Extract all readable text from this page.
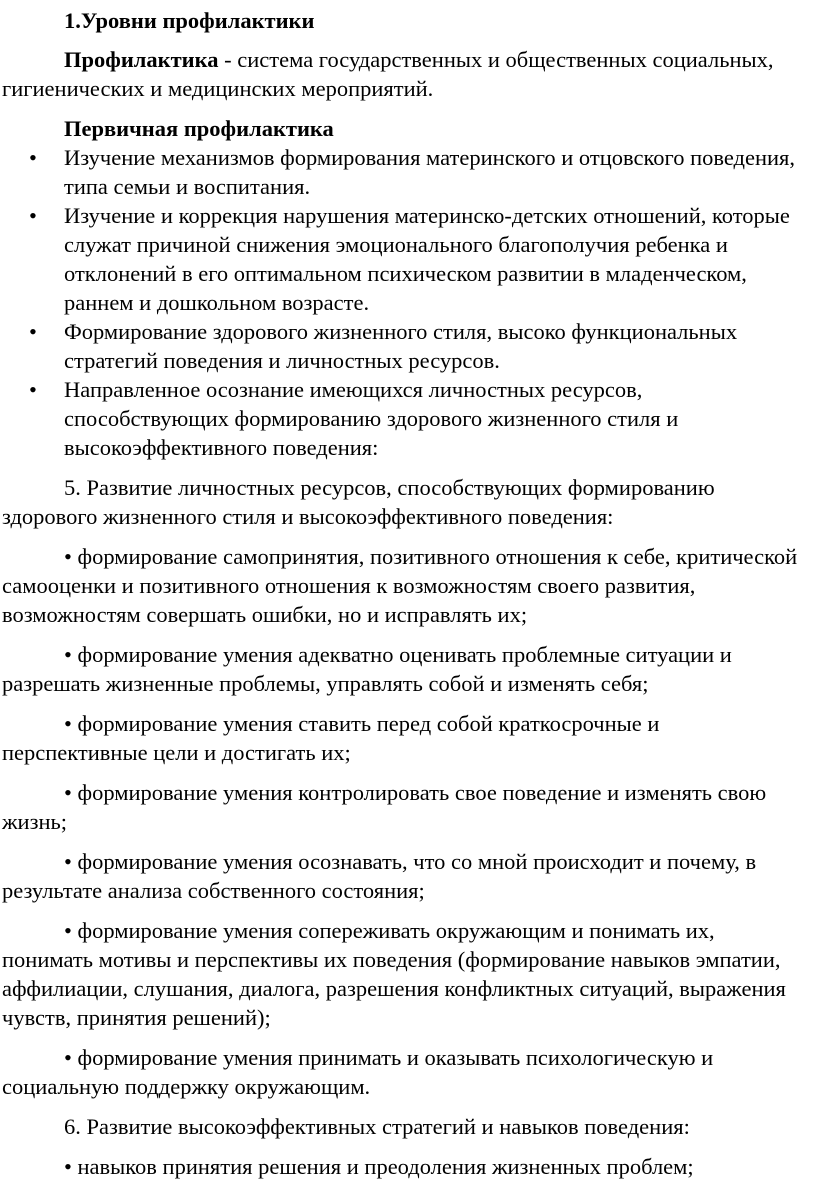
1.Уровни профилактики

Профилактика - система государственных и общественных социальных, гигиенических и медицинских мероприятий.

Первичная профилактика

•	Изучение механизмов формирования материнского и отцовского поведения, типа семьи и воспитания.
•	Изучение и коррекция нарушения материнско-детских отношений, которые служат причиной снижения эмоционального благополучия ребенка и отклонений в его оптимальном психическом развитии в младенческом, раннем и дошкольном возрасте.
•	Формирование здорового жизненного стиля, высоко функциональных стратегий поведения и личностных ресурсов.
•	Направленное осознание имеющихся личностных ресурсов, способствующих формированию здорового жизненного стиля и высокоэффективного поведения:

5. Развитие личностных ресурсов, способствующих формированию здорового жизненного стиля и высокоэффективного поведения:

• формирование самопринятия, позитивного отношения к себе, критической самооценки и позитивного отношения к возможностям своего развития, возможностям совершать ошибки, но и исправлять их;

• формирование умения адекватно оценивать проблемные ситуации и разрешать жизненные проблемы, управлять собой и изменять себя;

• формирование умения ставить перед собой краткосрочные и перспективные цели и достигать их;

• формирование умения контролировать свое поведение и изменять свою жизнь;

• формирование умения осознавать, что со мной происходит и почему, в результате анализа собственного состояния;

• формирование умения сопереживать окружающим и понимать их, понимать мотивы и перспективы их поведения (формирование навыков эмпатии, аффилиации, слушания, диалога, разрешения конфликтных ситуаций, выражения чувств, принятия решений);

• формирование умения принимать и оказывать психологическую и социальную поддержку окружающим.

6. Развитие высокоэффективных стратегий и навыков поведения:

• навыков принятия решения и преодоления жизненных проблем;
